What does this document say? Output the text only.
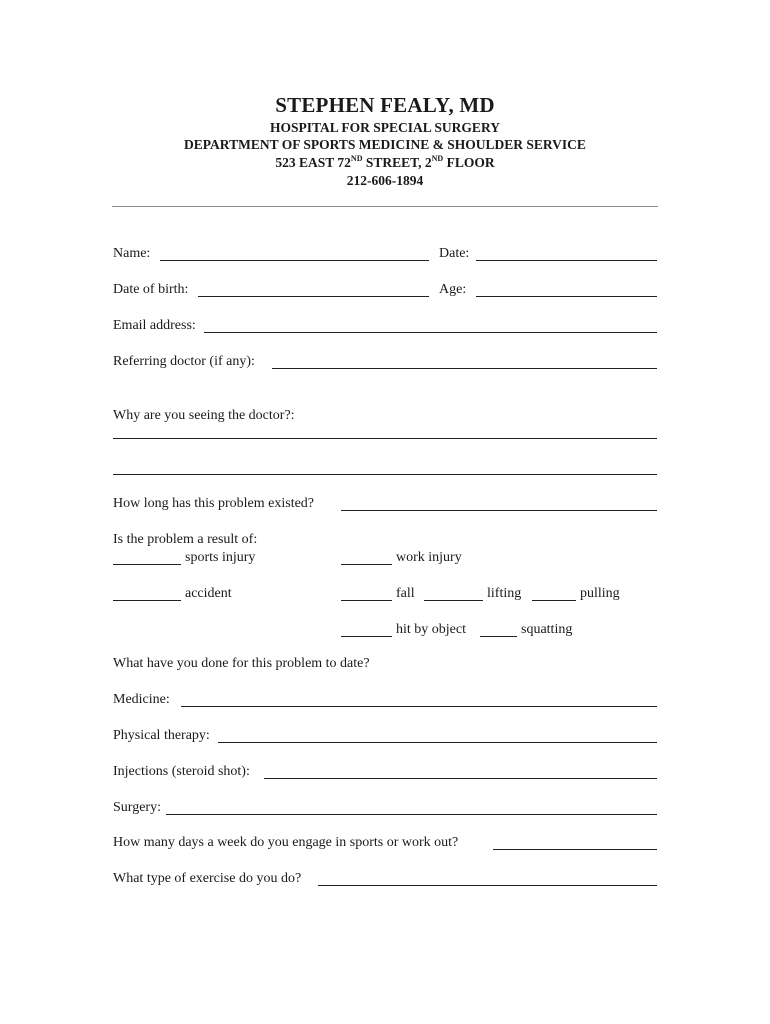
STEPHEN FEALY, MD
HOSPITAL FOR SPECIAL SURGERY
DEPARTMENT OF SPORTS MEDICINE & SHOULDER SERVICE
523 EAST 72ND STREET, 2ND FLOOR
212-606-1894
Name:	Date:
Date of birth:	Age:
Email address:
Referring doctor (if any):
Why are you seeing the doctor?:
How long has this problem existed?
Is the problem a result of:
sports injury	work injury
accident	fall	lifting	pulling
hit by object	squatting
What have you done for this problem to date?
Medicine:
Physical therapy:
Injections (steroid shot):
Surgery:
How many days a week do you engage in sports or work out?
What type of exercise do you do?
